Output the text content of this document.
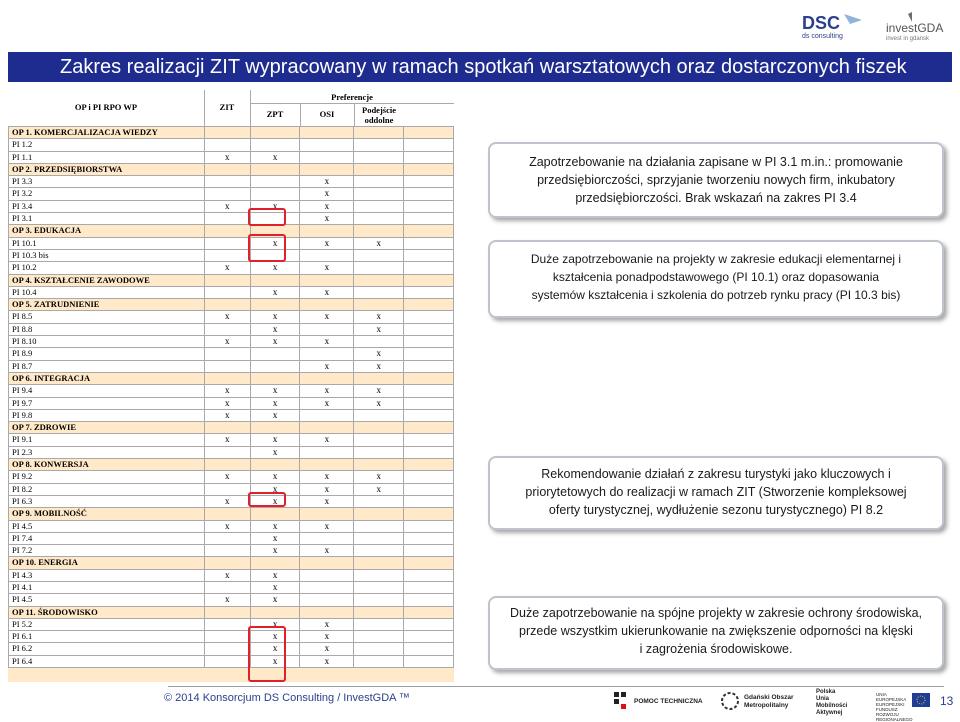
DSC
ds consulting
investGDA
invest in gdansk
Zakres realizacji ZIT wypracowany w ramach spotkań warsztatowych oraz dostarczonych fiszek
OP i PI RPO WP	ZIT
Preferencje
ZPT	OSI	Podejście
oddolne
OP 1. KOMERCJALIZACJA WIEDZY					
PI 1.2					
PI 1.1	x	x			
OP 2. PRZEDSIĘBIORSTWA					
PI 3.3			x		
PI 3.2			x		
PI 3.4	x	x	x		
PI 3.1			x		
OP 3. EDUKACJA					
PI 10.1		x	x	x	
PI 10.3 bis					
PI 10.2	x	x	x		
OP 4. KSZTAŁCENIE ZAWODOWE					
PI 10.4		x	x		
OP 5. ZATRUDNIENIE					
PI 8.5	x	x	x	x	
PI 8.8		x		x	
PI 8.10	x	x	x		
PI 8.9				x	
PI 8.7			x	x	
OP 6. INTEGRACJA					
PI 9.4	x	x	x	x	
PI 9.7	x	x	x	x	
PI 9.8	x	x			
OP 7. ZDROWIE					
PI 9.1	x	x	x		
PI 2.3		x			
OP 8. KONWERSJA					
PI 9.2	x	x	x	x	
PI 8.2		x	x	x	
PI 6.3	x	x	x		
OP 9. MOBILNOŚĆ					
PI 4.5	x	x	x		
PI 7.4		x			
PI 7.2		x	x		
OP 10. ENERGIA					
PI 4.3	x	x			
PI 4.1		x			
PI 4.5	x	x			
OP 11. ŚRODOWISKO					
PI 5.2		x	x		
PI 6.1		x	x		
PI 6.2		x	x		
PI 6.4		x	x		
Zapotrzebowanie na działania zapisane w PI 3.1 m.in.: promowanie
przedsiębiorczości, sprzyjanie tworzeniu nowych firm, inkubatory
przedsiębiorczości. Brak wskazań na zakres PI 3.4
Duże zapotrzebowanie na projekty w zakresie edukacji elementarnej i
kształcenia ponadpodstawowego (PI 10.1) oraz dopasowania
systemów kształcenia i szkolenia do potrzeb rynku pracy (PI 10.3 bis)
Rekomendowanie działań z zakresu turystyki jako kluczowych i
priorytetowych do realizacji w ramach ZIT (Stworzenie kompleksowej
oferty turystycznej, wydłużenie sezonu turystycznego) PI 8.2
Duże zapotrzebowanie na spójne projekty w zakresie ochrony środowiska,
przede wszystkim ukierunkowanie na zwiększenie odporności na klęski
i zagrożenia środowiskowe.
© 2014 Konsorcjum DS Consulting / InvestGDA ™	POMOC TECHNICZNA
Gdański Obszar
Metropolitalny
Polska
Unia
Mobilności
Aktywnej
UNIA EUROPEJSKA
EUROPEJSKI FUNDUSZ
ROZWOJU REGIONALNEGO
13
